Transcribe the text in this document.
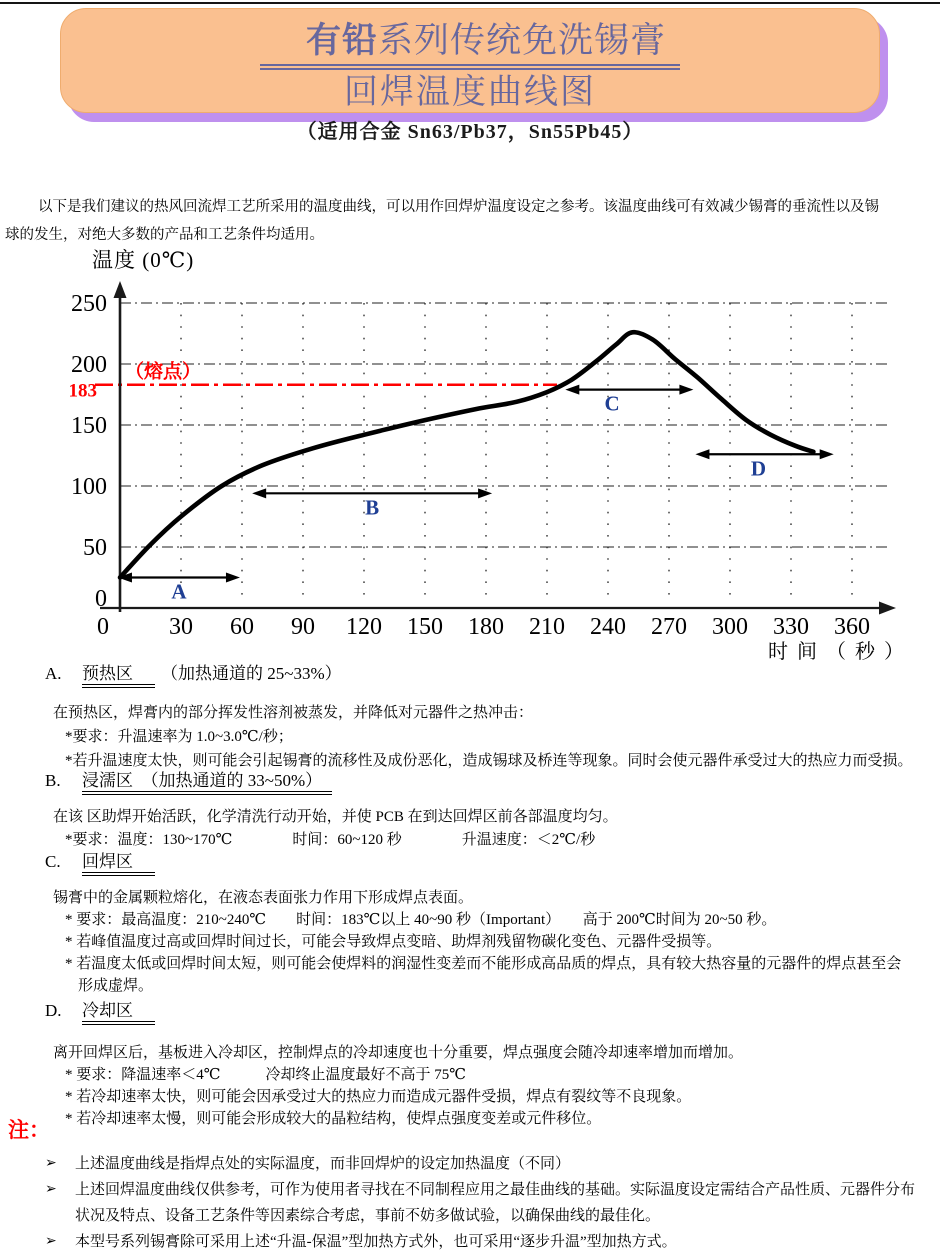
有铅系列传统免洗锡膏
回焊温度曲线图
（适用合金 Sn63/Pb37，Sn55Pb45）
以下是我们建议的热风回流焊工艺所采用的温度曲线，可以用作回焊炉温度设定之参考。该温度曲线可有效减少锡膏的垂流性以及锡
球的发生，对绝大多数的产品和工艺条件均适用。
温度 (0℃)
183
（熔点）
0
50
100
150
200
250
0	30 60 90 120 150 180 210 240 270 300 330 360
时 间 （ 秒 ）
A
B
C
D
A. 预热区 （加热通道的 25~33%）
在预热区，焊膏内的部分挥发性溶剂被蒸发，并降低对元器件之热冲击：
*要求：升温速率为 1.0~3.0℃/秒；
*若升温速度太快，则可能会引起锡膏的流移性及成份恶化，造成锡球及桥连等现象。同时会使元器件承受过大的热应力而受损。
B. 浸濡区　（加热通道的 33~50%）
在该 区助焊开始活跃，化学清洗行动开始，并使 PCB 在到达回焊区前各部温度均匀。
*要求：温度：130~170℃　　　　时间：60~120 秒　　　　升温速度：＜2℃/秒
C. 回焊区
锡膏中的金属颗粒熔化，在液态表面张力作用下形成焊点表面。
* 要求：最高温度：210~240℃　　时间：183℃以上 40~90 秒（Important）　　高于 200℃时间为 20~50 秒。
* 若峰值温度过高或回焊时间过长，可能会导致焊点变暗、助焊剂残留物碳化变色、元器件受损等。
* 若温度太低或回焊时间太短，则可能会使焊料的润湿性变差而不能形成高品质的焊点，具有较大热容量的元器件的焊点甚至会
形成虚焊。
D. 冷却区
离开回焊区后，基板进入冷却区，控制焊点的冷却速度也十分重要，焊点强度会随冷却速率增加而增加。
* 要求：降温速率＜4℃　　　冷却终止温度最好不高于 75℃
* 若冷却速率太快，则可能会因承受过大的热应力而造成元器件受损，焊点有裂纹等不良现象。
* 若冷却速率太慢，则可能会形成较大的晶粒结构，使焊点强度变差或元件移位。
注：
➢ 上述温度曲线是指焊点处的实际温度，而非回焊炉的设定加热温度（不同）
➢ 上述回焊温度曲线仅供参考，可作为使用者寻找在不同制程应用之最佳曲线的基础。实际温度设定需结合产品性质、元器件分布
状况及特点、设备工艺条件等因素综合考虑，事前不妨多做试验，以确保曲线的最佳化。
➢ 本型号系列锡膏除可采用上述“升温-保温”型加热方式外，也可采用“逐步升温”型加热方式。
